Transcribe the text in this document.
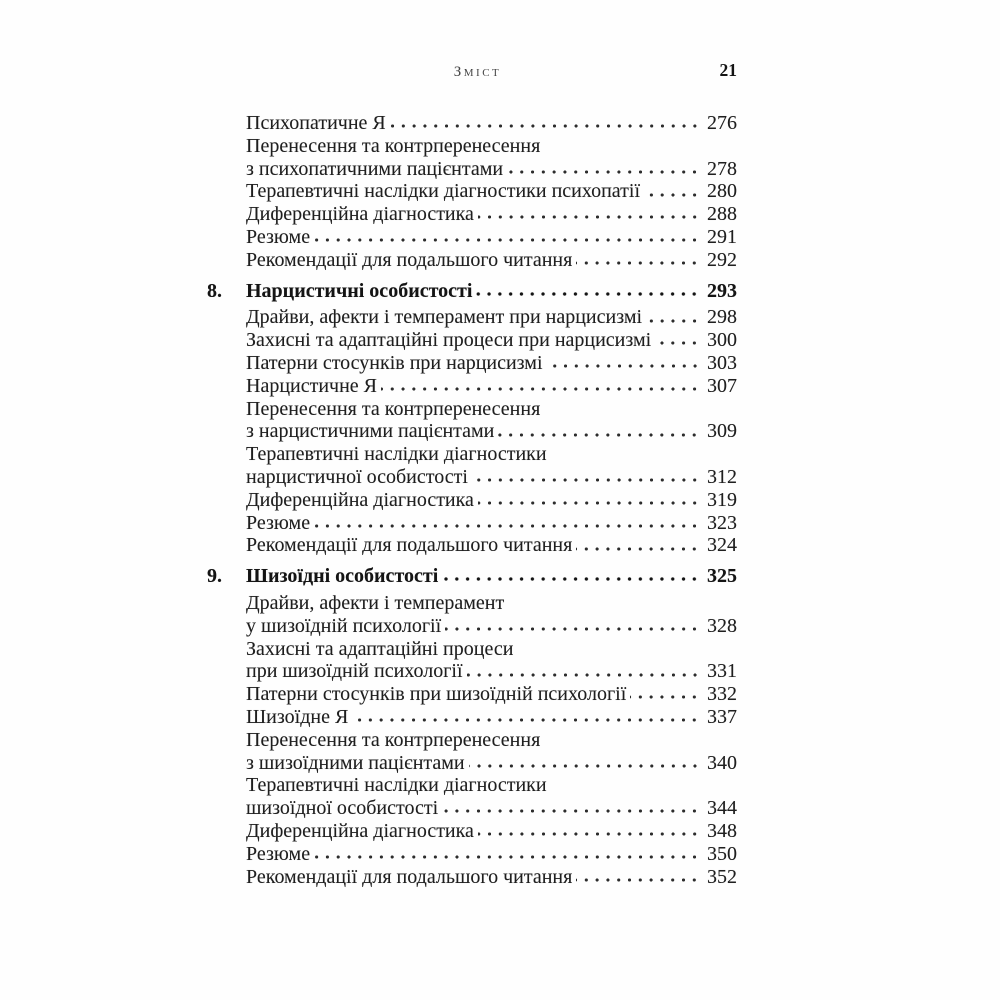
Зміст	21
Психопатичне Я	276
Перенесення та контрперенесення
з психопатичними пацієнтами	278
Терапевтичні наслідки діагностики психопатії	280
Диференційна діагностика	288
Резюме	291
Рекомендації для подальшого читання	292
8.	Нарцистичні особистості	293
Драйви, афекти і темперамент при нарцисизмі	298
Захисні та адаптаційні процеси при нарцисизмі	300
Патерни стосунків при нарцисизмі	303
Нарцистичне Я	307
Перенесення та контрперенесення
з нарцистичними пацієнтами	309
Терапевтичні наслідки діагностики
нарцистичної особистості	312
Диференційна діагностика	319
Резюме	323
Рекомендації для подальшого читання	324
9.	Шизоїдні особистості	325
Драйви, афекти і темперамент
у шизоїдній психології	328
Захисні та адаптаційні процеси
при шизоїдній психології	331
Патерни стосунків при шизоїдній психології	332
Шизоїдне Я	337
Перенесення та контрперенесення
з шизоїдними пацієнтами	340
Терапевтичні наслідки діагностики
шизоїдної особистості	344
Диференційна діагностика	348
Резюме	350
Рекомендації для подальшого читання	352
